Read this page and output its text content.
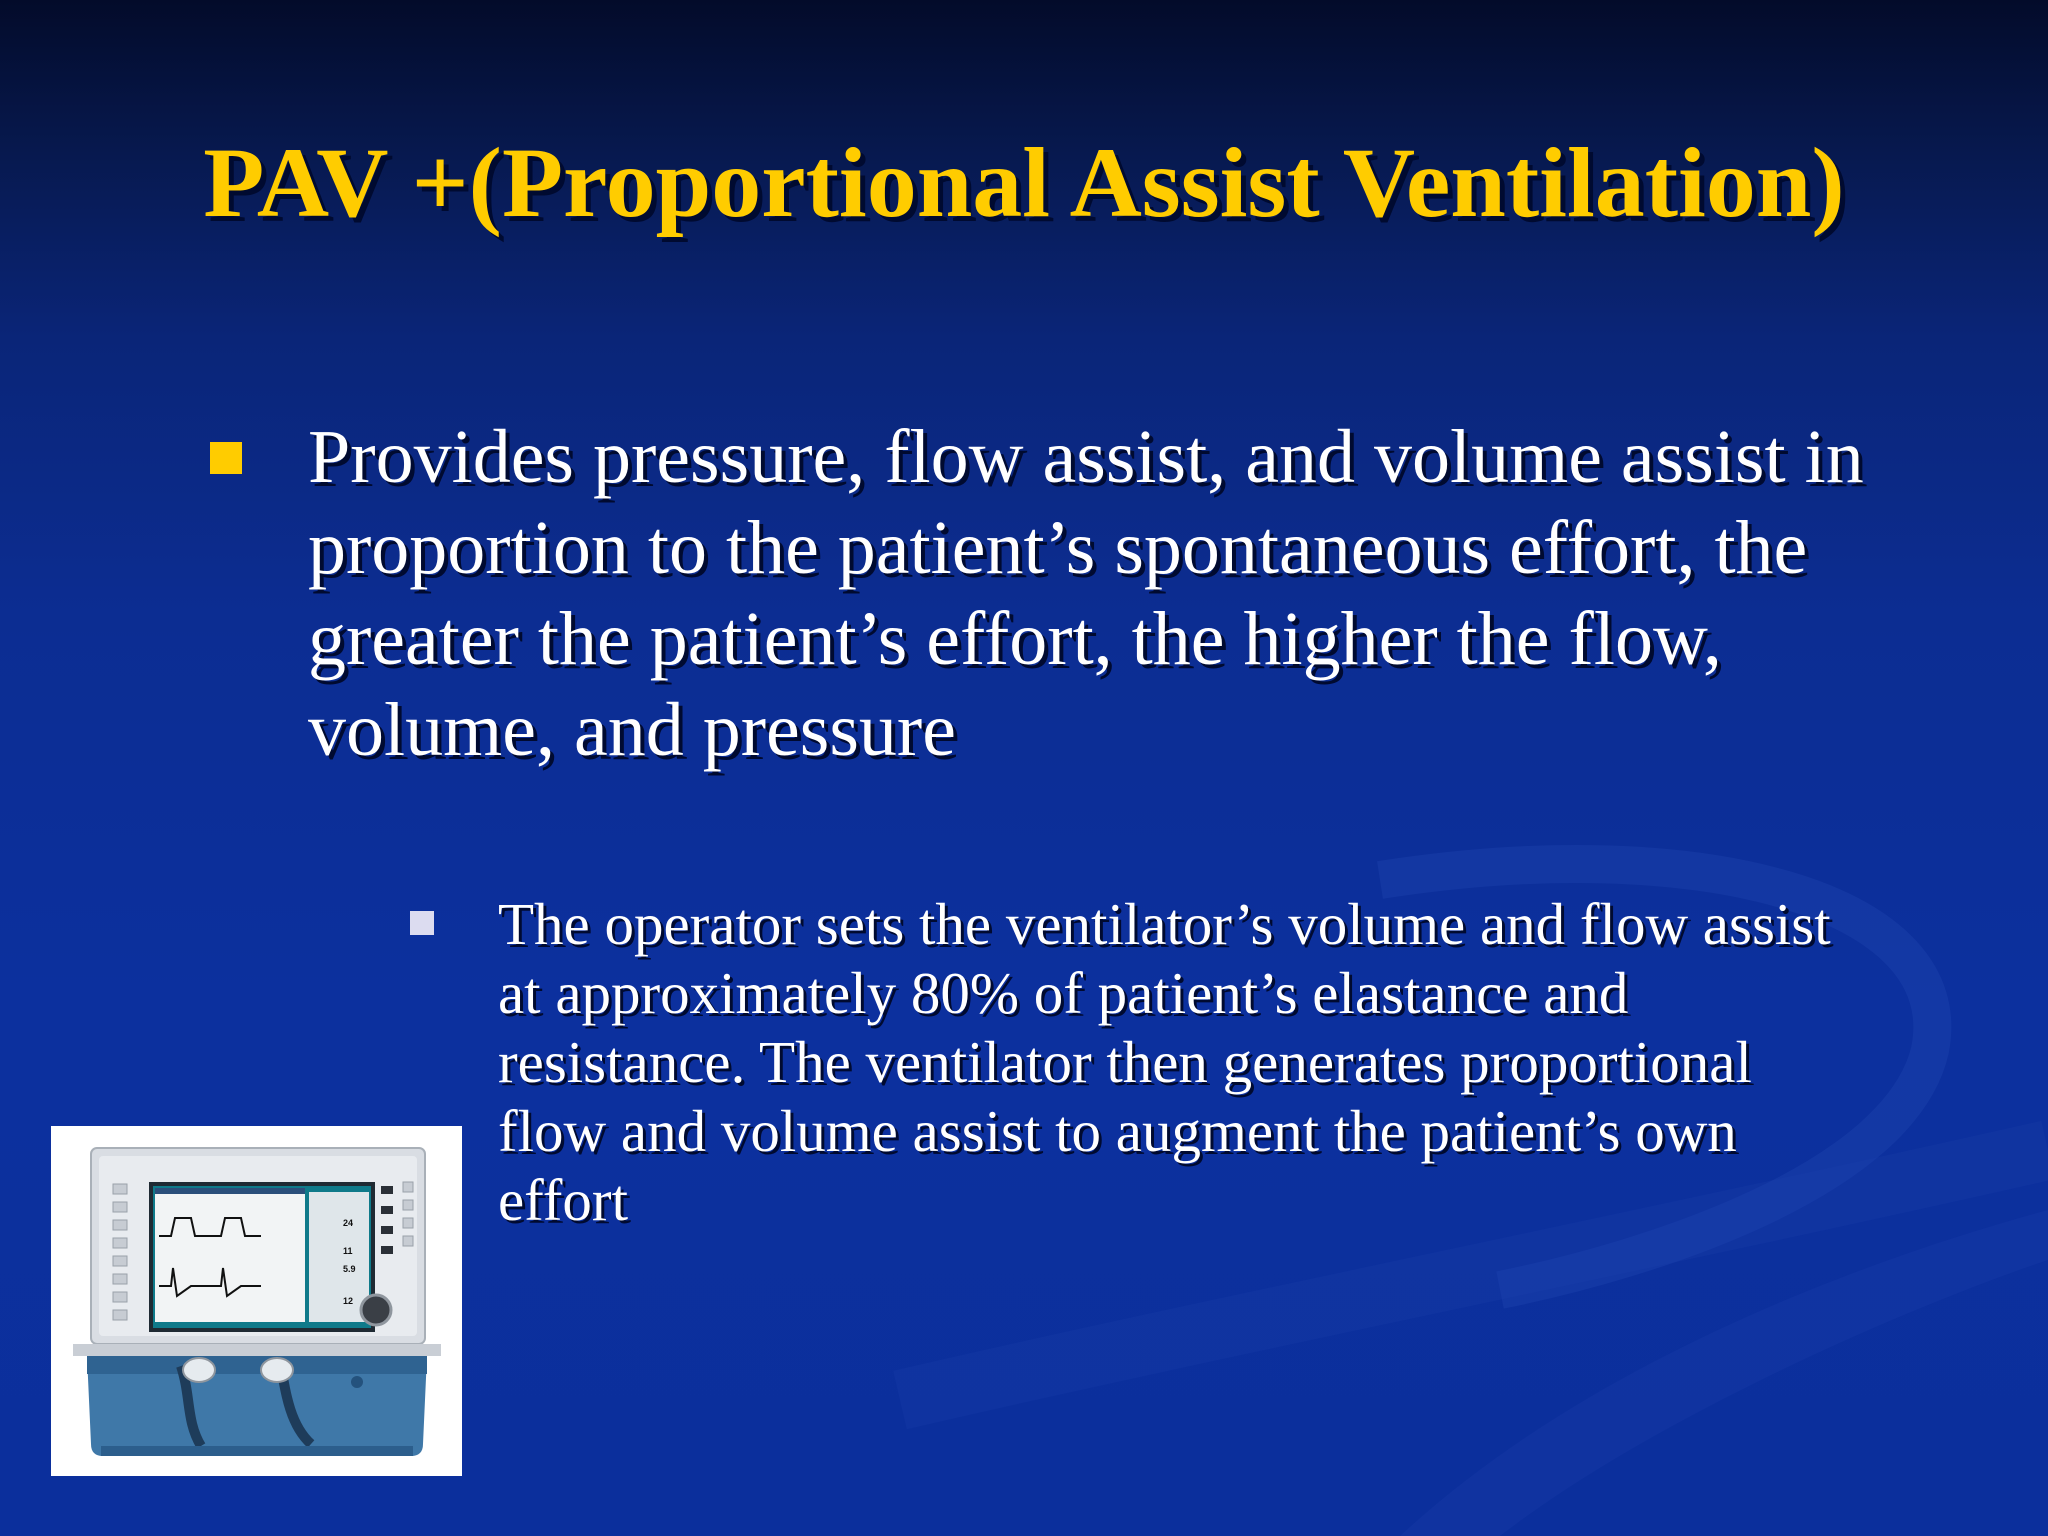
PAV +(Proportional Assist Ventilation)
Provides pressure, flow assist, and volume assist in proportion to the patient’s spontaneous effort, the greater the patient’s effort, the higher the flow, volume, and pressure
The operator sets the ventilator’s volume and flow assist at approximately 80% of patient’s elastance and resistance. The ventilator then generates proportional flow and volume assist to augment the patient’s own effort
24
11
5.9
12
